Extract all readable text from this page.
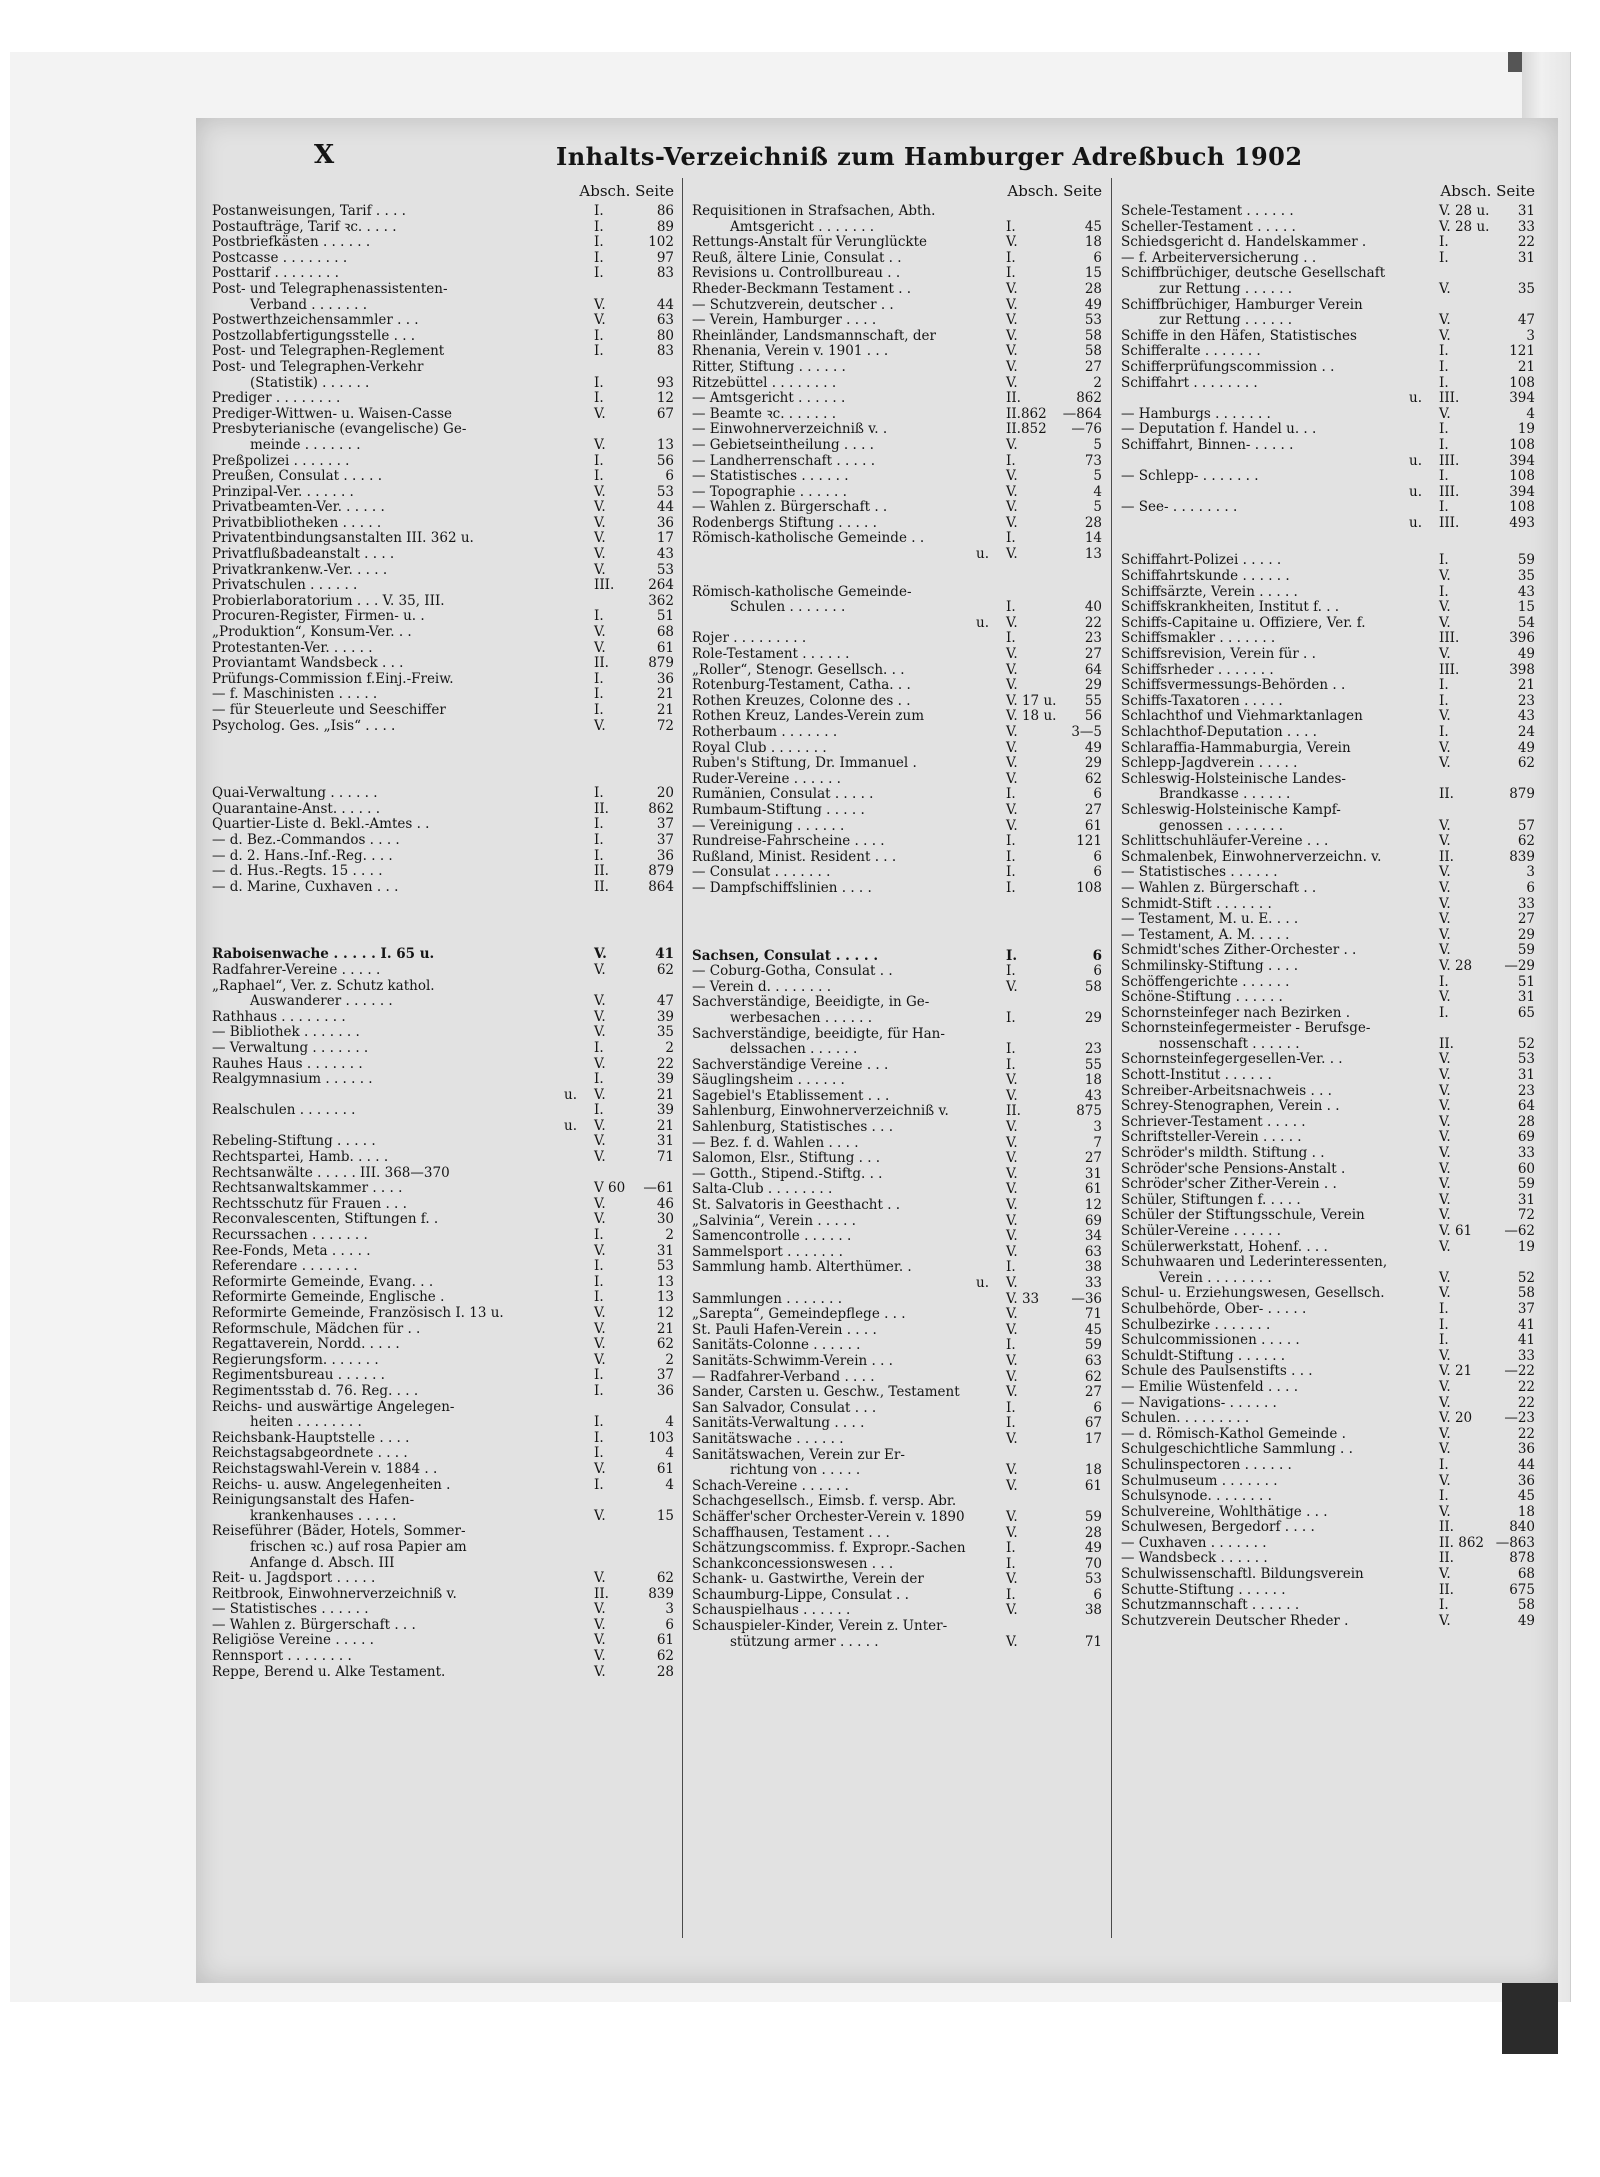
X	Inhalts-Verzeichniß zum Hamburger Adreßbuch 1902
Absch. Seite
Postanweisungen, Tarif . . . .	I.	86
Postaufträge, Tarif ꝛc. . . . .	I.	89
Postbriefkästen . . . . . .	I.	102
Postcasse . . . . . . . .	I.	97
Posttarif . . . . . . . .	I.	83
Post- und Telegraphenassistenten-
Verband . . . . . . .	V.	44
Postwerthzeichensammler . . .	V.	63
Postzollabfertigungsstelle . . .	I.	80
Post- und Telegraphen-Reglement	I.	83
Post- und Telegraphen-Verkehr
(Statistik) . . . . . .	I.	93
Prediger . . . . . . . .	I.	12
Prediger-Wittwen- u. Waisen-Casse	V.	67
Presbyterianische (evangelische) Ge-
meinde . . . . . . .	V.	13
Preßpolizei . . . . . . .	I.	56
Preußen, Consulat . . . . .	I.	6
Prinzipal-Ver. . . . . . .	V.	53
Privatbeamten-Ver. . . . . .	V.	44
Privatbibliotheken . . . . .	V.	36
Privatentbindungsanstalten III. 362 u.	V.	17
Privatflußbadeanstalt . . . .	V.	43
Privatkrankenw.-Ver. . . . .	V.	53
Privatschulen . . . . . .	III.	264
Probierlaboratorium . . . V. 35, III.	362
Procuren-Register, Firmen- u. .	I.	51
„Produktion“, Konsum-Ver. . .	V.	68
Protestanten-Ver. . . . . .	V.	61
Proviantamt Wandsbeck . . .	II.	879
Prüfungs-Commission f.Einj.-Freiw.	I.	36
— f. Maschinisten . . . . .	I.	21
— für Steuerleute und Seeschiffer	I.	21
Psycholog. Ges. „Isis“ . . . .	V.	72
Quai-Verwaltung . . . . . .	I.	20
Quarantaine-Anst. . . . . .	II.	862
Quartier-Liste d. Bekl.-Amtes . .	I.	37
— d. Bez.-Commandos . . . .	I.	37
— d. 2. Hans.-Inf.-Reg. . . .	I.	36
— d. Hus.-Regts. 15 . . . .	II.	879
— d. Marine, Cuxhaven . . .	II.	864
Raboisenwache . . . . . I. 65 u.	V.	41
Radfahrer-Vereine . . . . .	V.	62
„Raphael“, Ver. z. Schutz kathol.
Auswanderer . . . . . .	V.	47
Rathhaus . . . . . . . .	V.	39
— Bibliothek . . . . . . .	V.	35
— Verwaltung . . . . . . .	I.	2
Rauhes Haus . . . . . . .	V.	22
Realgymnasium . . . . . .	I.	39
u.	V.	21
Realschulen . . . . . . .	I.	39
u.	V.	21
Rebeling-Stiftung . . . . .	V.	31
Rechtspartei, Hamb. . . . .	V.	71
Rechtsanwälte . . . . . III. 368—370
Rechtsanwaltskammer . . . .	V 60	—61
Rechtsschutz für Frauen . . .	V.	46
Reconvalescenten, Stiftungen f. .	V.	30
Recurssachen . . . . . . .	I.	2
Ree-Fonds, Meta . . . . .	V.	31
Referendare . . . . . . .	I.	53
Reformirte Gemeinde, Evang. . .	I.	13
Reformirte Gemeinde, Englische .	I.	13
Reformirte Gemeinde, Französisch I. 13 u.	V.	12
Reformschule, Mädchen für . .	V.	21
Regattaverein, Nordd. . . . .	V.	62
Regierungsform. . . . . . .	V.	2
Regimentsbureau . . . . . .	I.	37
Regimentsstab d. 76. Reg. . . .	I.	36
Reichs- und auswärtige Angelegen-
heiten . . . . . . . .	I.	4
Reichsbank-Hauptstelle . . . .	I.	103
Reichstagsabgeordnete . . . .	I.	4
Reichstagswahl-Verein v. 1884 . .	V.	61
Reichs- u. ausw. Angelegenheiten .	I.	4
Reinigungsanstalt des Hafen-
krankenhauses . . . . .	V.	15
Reiseführer (Bäder, Hotels, Sommer-
frischen ꝛc.) auf rosa Papier am
Anfange d. Absch. III
Reit- u. Jagdsport . . . . .	V.	62
Reitbrook, Einwohnerverzeichniß v.	II.	839
— Statistisches . . . . . .	V.	3
— Wahlen z. Bürgerschaft . . .	V.	6
Religiöse Vereine . . . . .	V.	61
Rennsport . . . . . . . .	V.	62
Reppe, Berend u. Alke Testament.	V.	28
Absch. Seite
Requisitionen in Strafsachen, Abth.
Amtsgericht . . . . . . .	I.	45
Rettungs-Anstalt für Verunglückte	V.	18
Reuß, ältere Linie, Consulat . .	I.	6
Revisions u. Controllbureau . .	I.	15
Rheder-Beckmann Testament . .	V.	28
— Schutzverein, deutscher . .	V.	49
— Verein, Hamburger . . . .	V.	53
Rheinländer, Landsmannschaft, der	V.	58
Rhenania, Verein v. 1901 . . .	V.	58
Ritter, Stiftung . . . . . .	V.	27
Ritzebüttel . . . . . . . .	V.	2
— Amtsgericht . . . . . .	II.	862
— Beamte ꝛc. . . . . . .	II.862	—864
— Einwohnerverzeichniß v. .	II.852	—76
— Gebietseintheilung . . . .	V.	5
— Landherrenschaft . . . . .	I.	73
— Statistisches . . . . . .	V.	5
— Topographie . . . . . .	V.	4
— Wahlen z. Bürgerschaft . .	V.	5
Rodenbergs Stiftung . . . . .	V.	28
Römisch-katholische Gemeinde . .	I.	14
u.	V.	13
Römisch-katholische Gemeinde-
Schulen . . . . . . .	I.	40
u.	V.	22
Rojer . . . . . . . . .	I.	23
Role-Testament . . . . . .	V.	27
„Roller“, Stenogr. Gesellsch. . .	V.	64
Rotenburg-Testament, Catha. . .	V.	29
Rothen Kreuzes, Colonne des . .	V. 17 u.	55
Rothen Kreuz, Landes-Verein zum	V. 18 u.	56
Rotherbaum . . . . . . .	V.	3—5
Royal Club . . . . . . .	V.	49
Ruben's Stiftung, Dr. Immanuel .	V.	29
Ruder-Vereine . . . . . .	V.	62
Rumänien, Consulat . . . . .	I.	6
Rumbaum-Stiftung . . . . .	V.	27
— Vereinigung . . . . . .	V.	61
Rundreise-Fahrscheine . . . .	I.	121
Rußland, Minist. Resident . . .	I.	6
— Consulat . . . . . . .	I.	6
— Dampfschiffslinien . . . .	I.	108
Sachsen, Consulat . . . . .	I.	6
— Coburg-Gotha, Consulat . .	I.	6
— Verein d. . . . . . . .	V.	58
Sachverständige, Beeidigte, in Ge-
werbesachen . . . . . .	I.	29
Sachverständige, beeidigte, für Han-
delssachen . . . . . .	I.	23
Sachverständige Vereine . . .	I.	55
Säuglingsheim . . . . . .	V.	18
Sagebiel's Etablissement . . .	V.	43
Sahlenburg, Einwohnerverzeichniß v.	II.	875
Sahlenburg, Statistisches . . .	V.	3
— Bez. f. d. Wahlen . . . .	V.	7
Salomon, Elsr., Stiftung . . .	V.	27
— Gotth., Stipend.-Stiftg. . .	V.	31
Salta-Club . . . . . . . .	V.	61
St. Salvatoris in Geesthacht . .	V.	12
„Salvinia“, Verein . . . . .	V.	69
Samencontrolle . . . . . .	V.	34
Sammelsport . . . . . . .	V.	63
Sammlung hamb. Alterthümer. .	I.	38
u.	V.	33
Sammlungen . . . . . . .	V. 33	—36
„Sarepta“, Gemeindepflege . . .	V.	71
St. Pauli Hafen-Verein . . . .	V.	45
Sanitäts-Colonne . . . . . .	I.	59
Sanitäts-Schwimm-Verein . . .	V.	63
— Radfahrer-Verband . . . .	V.	62
Sander, Carsten u. Geschw., Testament	V.	27
San Salvador, Consulat . . .	I.	6
Sanitäts-Verwaltung . . . .	I.	67
Sanitätswache . . . . . .	V.	17
Sanitätswachen, Verein zur Er-
richtung von . . . . .	V.	18
Schach-Vereine . . . . . .	V.	61
Schachgesellsch., Eimsb. f. versp. Abr.
Schäffer'scher Orchester-Verein v. 1890	V.	59
Schaffhausen, Testament . . .	V.	28
Schätzungscommiss. f. Expropr.-Sachen	I.	49
Schankconcessionswesen . . .	I.	70
Schank- u. Gastwirthe, Verein der	V.	53
Schaumburg-Lippe, Consulat . .	I.	6
Schauspielhaus . . . . . .	V.	38
Schauspieler-Kinder, Verein z. Unter-
stützung armer . . . . .	V.	71
Absch. Seite
Schele-Testament . . . . . .	V. 28 u.	31
Scheller-Testament . . . . .	V. 28 u.	33
Schiedsgericht d. Handelskammer .	I.	22
— f. Arbeiterversicherung . .	I.	31
Schiffbrüchiger, deutsche Gesellschaft
zur Rettung . . . . . .	V.	35
Schiffbrüchiger, Hamburger Verein
zur Rettung . . . . . .	V.	47
Schiffe in den Häfen, Statistisches	V.	3
Schifferalte . . . . . . .	I.	121
Schifferprüfungscommission . .	I.	21
Schiffahrt . . . . . . . .	I.	108
u.	III.	394
— Hamburgs . . . . . . .	V.	4
— Deputation f. Handel u. . .	I.	19
Schiffahrt, Binnen- . . . . .	I.	108
u.	III.	394
— Schlepp- . . . . . . .	I.	108
u.	III.	394
— See- . . . . . . . .	I.	108
u.	III.	493
Schiffahrt-Polizei . . . . .	I.	59
Schiffahrtskunde . . . . . .	V.	35
Schiffsärzte, Verein . . . . .	I.	43
Schiffskrankheiten, Institut f. . .	V.	15
Schiffs-Capitaine u. Offiziere, Ver. f.	V.	54
Schiffsmakler . . . . . . .	III.	396
Schiffsrevision, Verein für . .	V.	49
Schiffsrheder . . . . . . .	III.	398
Schiffsvermessungs-Behörden . .	I.	21
Schiffs-Taxatoren . . . . .	I.	23
Schlachthof und Viehmarktanlagen	V.	43
Schlachthof-Deputation . . . .	I.	24
Schlaraffia-Hammaburgia, Verein	V.	49
Schlepp-Jagdverein . . . . .	V.	62
Schleswig-Holsteinische Landes-
Brandkasse . . . . . .	II.	879
Schleswig-Holsteinische Kampf-
genossen . . . . . . .	V.	57
Schlittschuhläufer-Vereine . . .	V.	62
Schmalenbek, Einwohnerverzeichn. v.	II.	839
— Statistisches . . . . . .	V.	3
— Wahlen z. Bürgerschaft . .	V.	6
Schmidt-Stift . . . . . . .	V.	33
— Testament, M. u. E. . . .	V.	27
— Testament, A. M. . . . .	V.	29
Schmidt'sches Zither-Orchester . .	V.	59
Schmilinsky-Stiftung . . . .	V. 28	—29
Schöffengerichte . . . . . .	I.	51
Schöne-Stiftung . . . . . .	V.	31
Schornsteinfeger nach Bezirken .	I.	65
Schornsteinfegermeister - Berufsge-
nossenschaft . . . . . .	II.	52
Schornsteinfegergesellen-Ver. . .	V.	53
Schott-Institut . . . . . .	V.	31
Schreiber-Arbeitsnachweis . . .	V.	23
Schrey-Stenographen, Verein . .	V.	64
Schriever-Testament . . . . .	V.	28
Schriftsteller-Verein . . . . .	V.	69
Schröder's mildth. Stiftung . .	V.	33
Schröder'sche Pensions-Anstalt .	V.	60
Schröder'scher Zither-Verein . .	V.	59
Schüler, Stiftungen f. . . . .	V.	31
Schüler der Stiftungsschule, Verein	V.	72
Schüler-Vereine . . . . . .	V. 61	—62
Schülerwerkstatt, Hohenf. . . .	V.	19
Schuhwaaren und Lederinteressenten,
Verein . . . . . . . .	V.	52
Schul- u. Erziehungswesen, Gesellsch.	V.	58
Schulbehörde, Ober- . . . . .	I.	37
Schulbezirke . . . . . . .	I.	41
Schulcommissionen . . . . .	I.	41
Schuldt-Stiftung . . . . . .	V.	33
Schule des Paulsenstifts . . .	V. 21	—22
— Emilie Wüstenfeld . . . .	V.	22
— Navigations- . . . . . .	V.	22
Schulen. . . . . . . . .	V. 20	—23
— d. Römisch-Kathol Gemeinde .	V.	22
Schulgeschichtliche Sammlung . .	V.	36
Schulinspectoren . . . . . .	I.	44
Schulmuseum . . . . . . .	V.	36
Schulsynode. . . . . . . .	I.	45
Schulvereine, Wohlthätige . . .	V.	18
Schulwesen, Bergedorf . . . .	II.	840
— Cuxhaven . . . . . . .	II. 862 —863
— Wandsbeck . . . . . .	II.	878
Schulwissenschaftl. Bildungsverein	V.	68
Schutte-Stiftung . . . . . .	II.	675
Schutzmannschaft . . . . . .	I.	58
Schutzverein Deutscher Rheder .	V.	49
